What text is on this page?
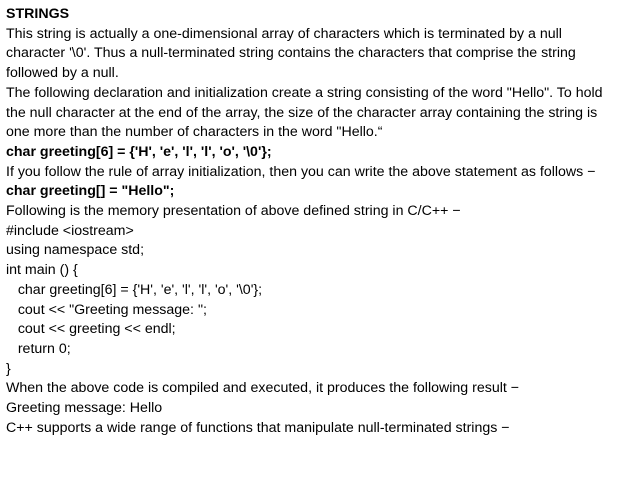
STRINGS
This string is actually a one-dimensional array of characters which is terminated by a null
character '\0'. Thus a null-terminated string contains the characters that comprise the string
followed by a null.
The following declaration and initialization create a string consisting of the word "Hello". To hold
the null character at the end of the array, the size of the character array containing the string is
one more than the number of characters in the word "Hello.“
char greeting[6] = {'H', 'e', 'l', 'l', 'o', '\0'};
If you follow the rule of array initialization, then you can write the above statement as follows −
char greeting[] = "Hello";
Following is the memory presentation of above defined string in C/C++ −
#include <iostream>
using namespace std;
int main () {
char greeting[6] = {'H', 'e', 'l', 'l', 'o', '\0'};
cout << "Greeting message: ";
cout << greeting << endl;
return 0;
}
When the above code is compiled and executed, it produces the following result −
Greeting message: Hello
C++ supports a wide range of functions that manipulate null-terminated strings −
